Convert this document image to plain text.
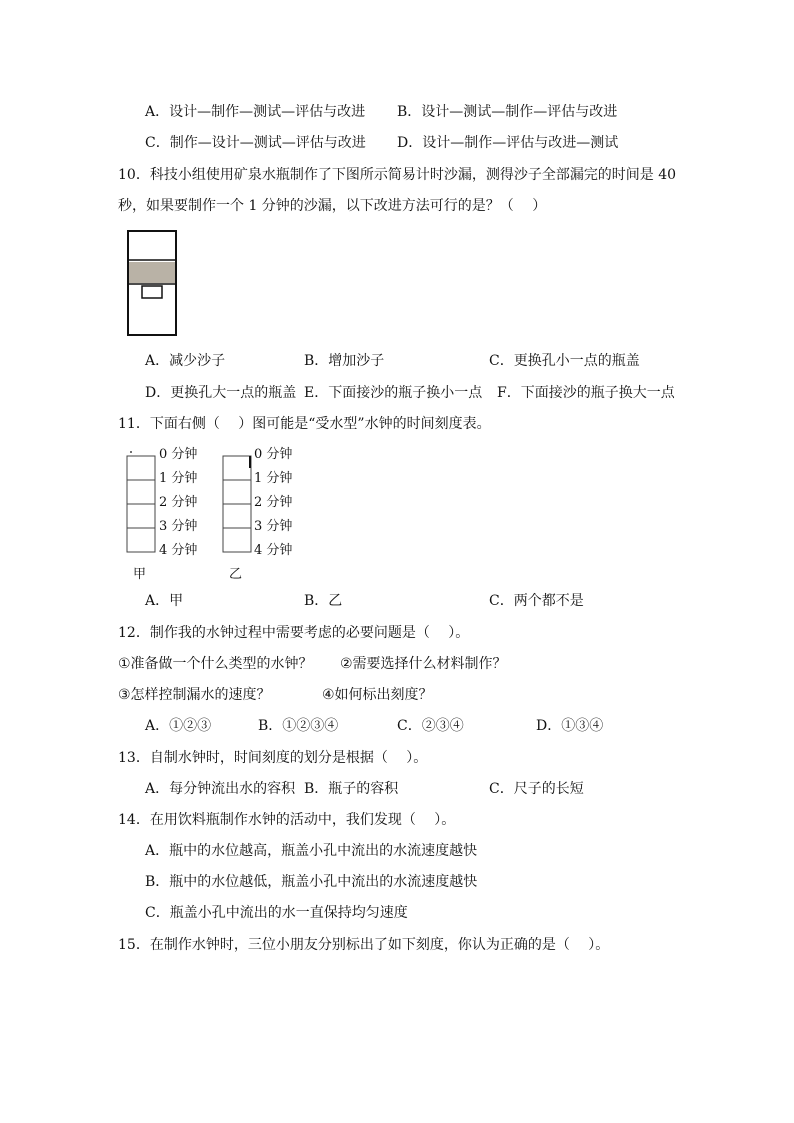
A．设计—制作—测试—评估与改进 B．设计—测试—制作—评估与改进
C．制作—设计—测试—评估与改进 D．设计—制作—评估与改进—测试
10．科技小组使用矿泉水瓶制作了下图所示简易计时沙漏，测得沙子全部漏完的时间是 40
秒，如果要制作一个 1 分钟的沙漏，以下改进方法可行的是？（　 ）
A．减少沙子	B．增加沙子	C．更换孔小一点的瓶盖
D．更换孔大一点的瓶盖 E．下面接沙的瓶子换小一点 F．下面接沙的瓶子换大一点
11．下面右侧（　 ）图可能是“受水型”水钟的时间刻度表。
0 分钟
1 分钟
2 分钟
3 分钟
4 分钟
甲
0 分钟
1 分钟
2 分钟
3 分钟
4 分钟
乙
A．甲	B．乙	C．两个都不是
12．制作我的水钟过程中需要考虑的必要问题是（　 ）。
①准备做一个什么类型的水钟？ ②需要选择什么材料制作？
③怎样控制漏水的速度？	④如何标出刻度？
A．①②③	B．①②③④	C．②③④	D．①③④
13．自制水钟时，时间刻度的划分是根据（　 ）。
A．每分钟流出水的容积 B．瓶子的容积	C．尺子的长短
14．在用饮料瓶制作水钟的活动中，我们发现（　 ）。
A．瓶中的水位越高，瓶盖小孔中流出的水流速度越快
B．瓶中的水位越低，瓶盖小孔中流出的水流速度越快
C．瓶盖小孔中流出的水一直保持均匀速度
15．在制作水钟时，三位小朋友分别标出了如下刻度，你认为正确的是（　 ）。
